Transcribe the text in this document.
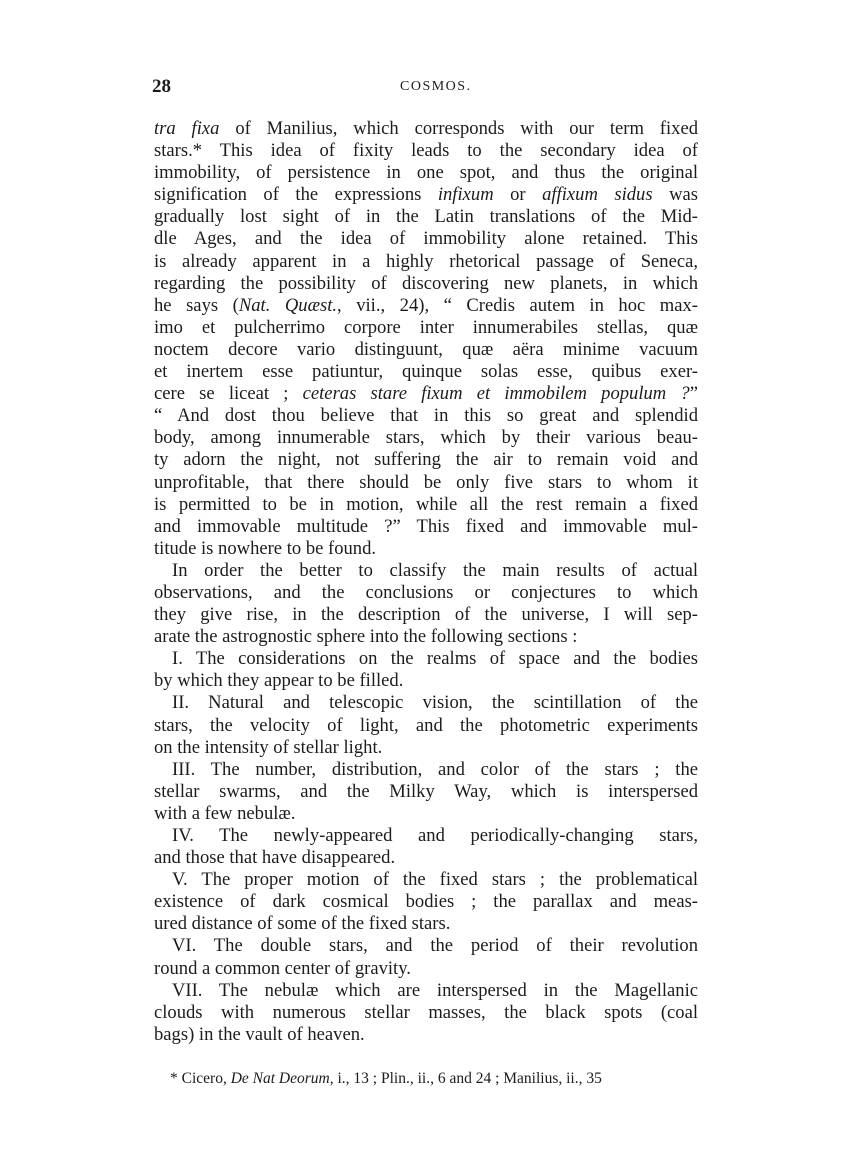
28	COSMOS.
tra fixa of Manilius, which corresponds with our term fixed
stars.* This idea of fixity leads to the secondary idea of
immobility, of persistence in one spot, and thus the original
signification of the expressions infixum or affixum sidus was
gradually lost sight of in the Latin translations of the Mid-
dle Ages, and the idea of immobility alone retained. This
is already apparent in a highly rhetorical passage of Seneca,
regarding the possibility of discovering new planets, in which
he says (Nat. Quæst., vii., 24), “ Credis autem in hoc max-
imo et pulcherrimo corpore inter innumerabiles stellas, quæ
noctem decore vario distinguunt, quæ aëra minime vacuum
et inertem esse patiuntur, quinque solas esse, quibus exer-
cere se liceat ; ceteras stare fixum et immobilem populum ?”
“ And dost thou believe that in this so great and splendid
body, among innumerable stars, which by their various beau-
ty adorn the night, not suffering the air to remain void and
unprofitable, that there should be only five stars to whom it
is permitted to be in motion, while all the rest remain a fixed
and immovable multitude ?” This fixed and immovable mul-
titude is nowhere to be found.
In order the better to classify the main results of actual
observations, and the conclusions or conjectures to which
they give rise, in the description of the universe, I will sep-
arate the astrognostic sphere into the following sections :
I. The considerations on the realms of space and the bodies
by which they appear to be filled.
II. Natural and telescopic vision, the scintillation of the
stars, the velocity of light, and the photometric experiments
on the intensity of stellar light.
III. The number, distribution, and color of the stars ; the
stellar swarms, and the Milky Way, which is interspersed
with a few nebulæ.
IV. The newly-appeared and periodically-changing stars,
and those that have disappeared.
V. The proper motion of the fixed stars ; the problematical
existence of dark cosmical bodies ; the parallax and meas-
ured distance of some of the fixed stars.
VI. The double stars, and the period of their revolution
round a common center of gravity.
VII. The nebulæ which are interspersed in the Magellanic
clouds with numerous stellar masses, the black spots (coal
bags) in the vault of heaven.
* Cicero, De Nat Deorum, i., 13 ; Plin., ii., 6 and 24 ; Manilius, ii., 35
